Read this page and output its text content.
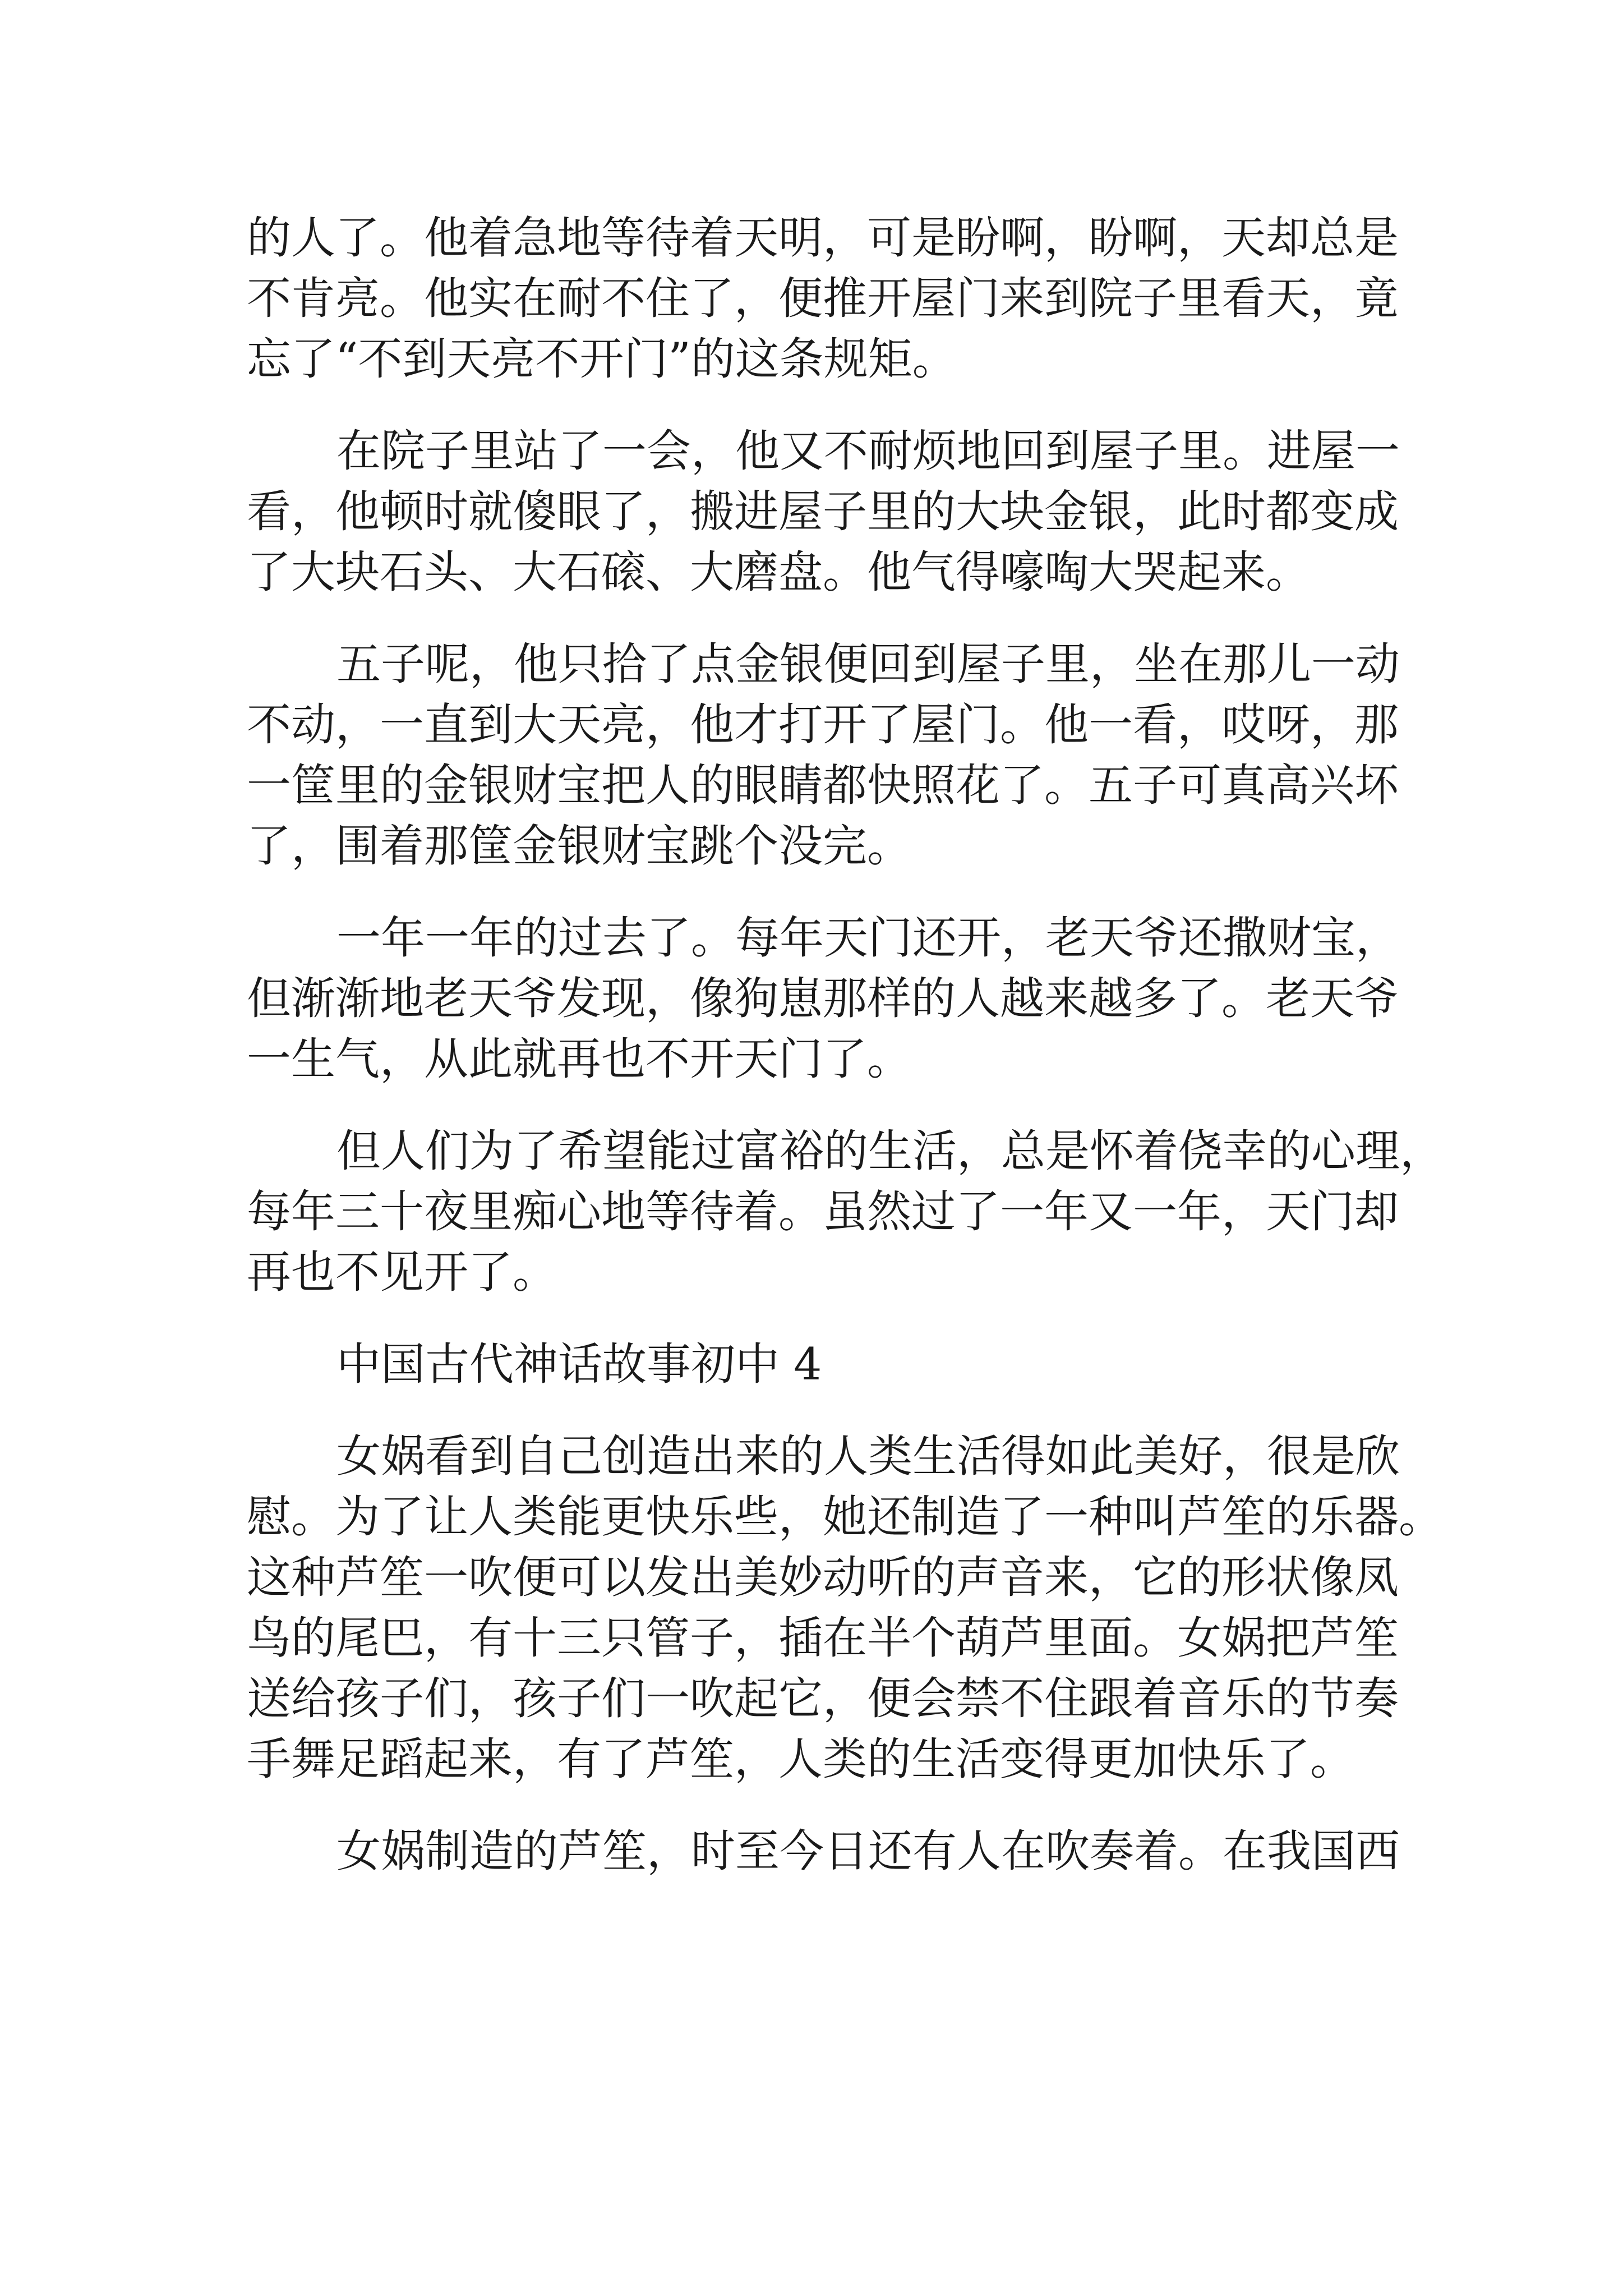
的人了。他着急地等待着天明，可是盼啊，盼啊，天却总是
不肯亮。他实在耐不住了，便推开屋门来到院子里看天，竟
忘了“不到天亮不开门”的这条规矩。
在院子里站了一会，他又不耐烦地回到屋子里。进屋一
看，他顿时就傻眼了，搬进屋子里的大块金银，此时都变成
了大块石头、大石磙、大磨盘。他气得嚎啕大哭起来。
五子呢，他只拾了点金银便回到屋子里，坐在那儿一动
不动，一直到大天亮，他才打开了屋门。他一看，哎呀，那
一筐里的金银财宝把人的眼睛都快照花了。五子可真高兴坏
了，围着那筐金银财宝跳个没完。
一年一年的过去了。每年天门还开，老天爷还撒财宝，
但渐渐地老天爷发现，像狗崽那样的人越来越多了。老天爷
一生气，从此就再也不开天门了。
但人们为了希望能过富裕的生活，总是怀着侥幸的心理，
每年三十夜里痴心地等待着。虽然过了一年又一年，天门却
再也不见开了。
中国古代神话故事初中 4
女娲看到自己创造出来的人类生活得如此美好，很是欣
慰。为了让人类能更快乐些，她还制造了一种叫芦笙的乐器。
这种芦笙一吹便可以发出美妙动听的声音来，它的形状像凤
鸟的尾巴，有十三只管子，插在半个葫芦里面。女娲把芦笙
送给孩子们，孩子们一吹起它，便会禁不住跟着音乐的节奏
手舞足蹈起来，有了芦笙，人类的生活变得更加快乐了。
女娲制造的芦笙，时至今日还有人在吹奏着。在我国西
